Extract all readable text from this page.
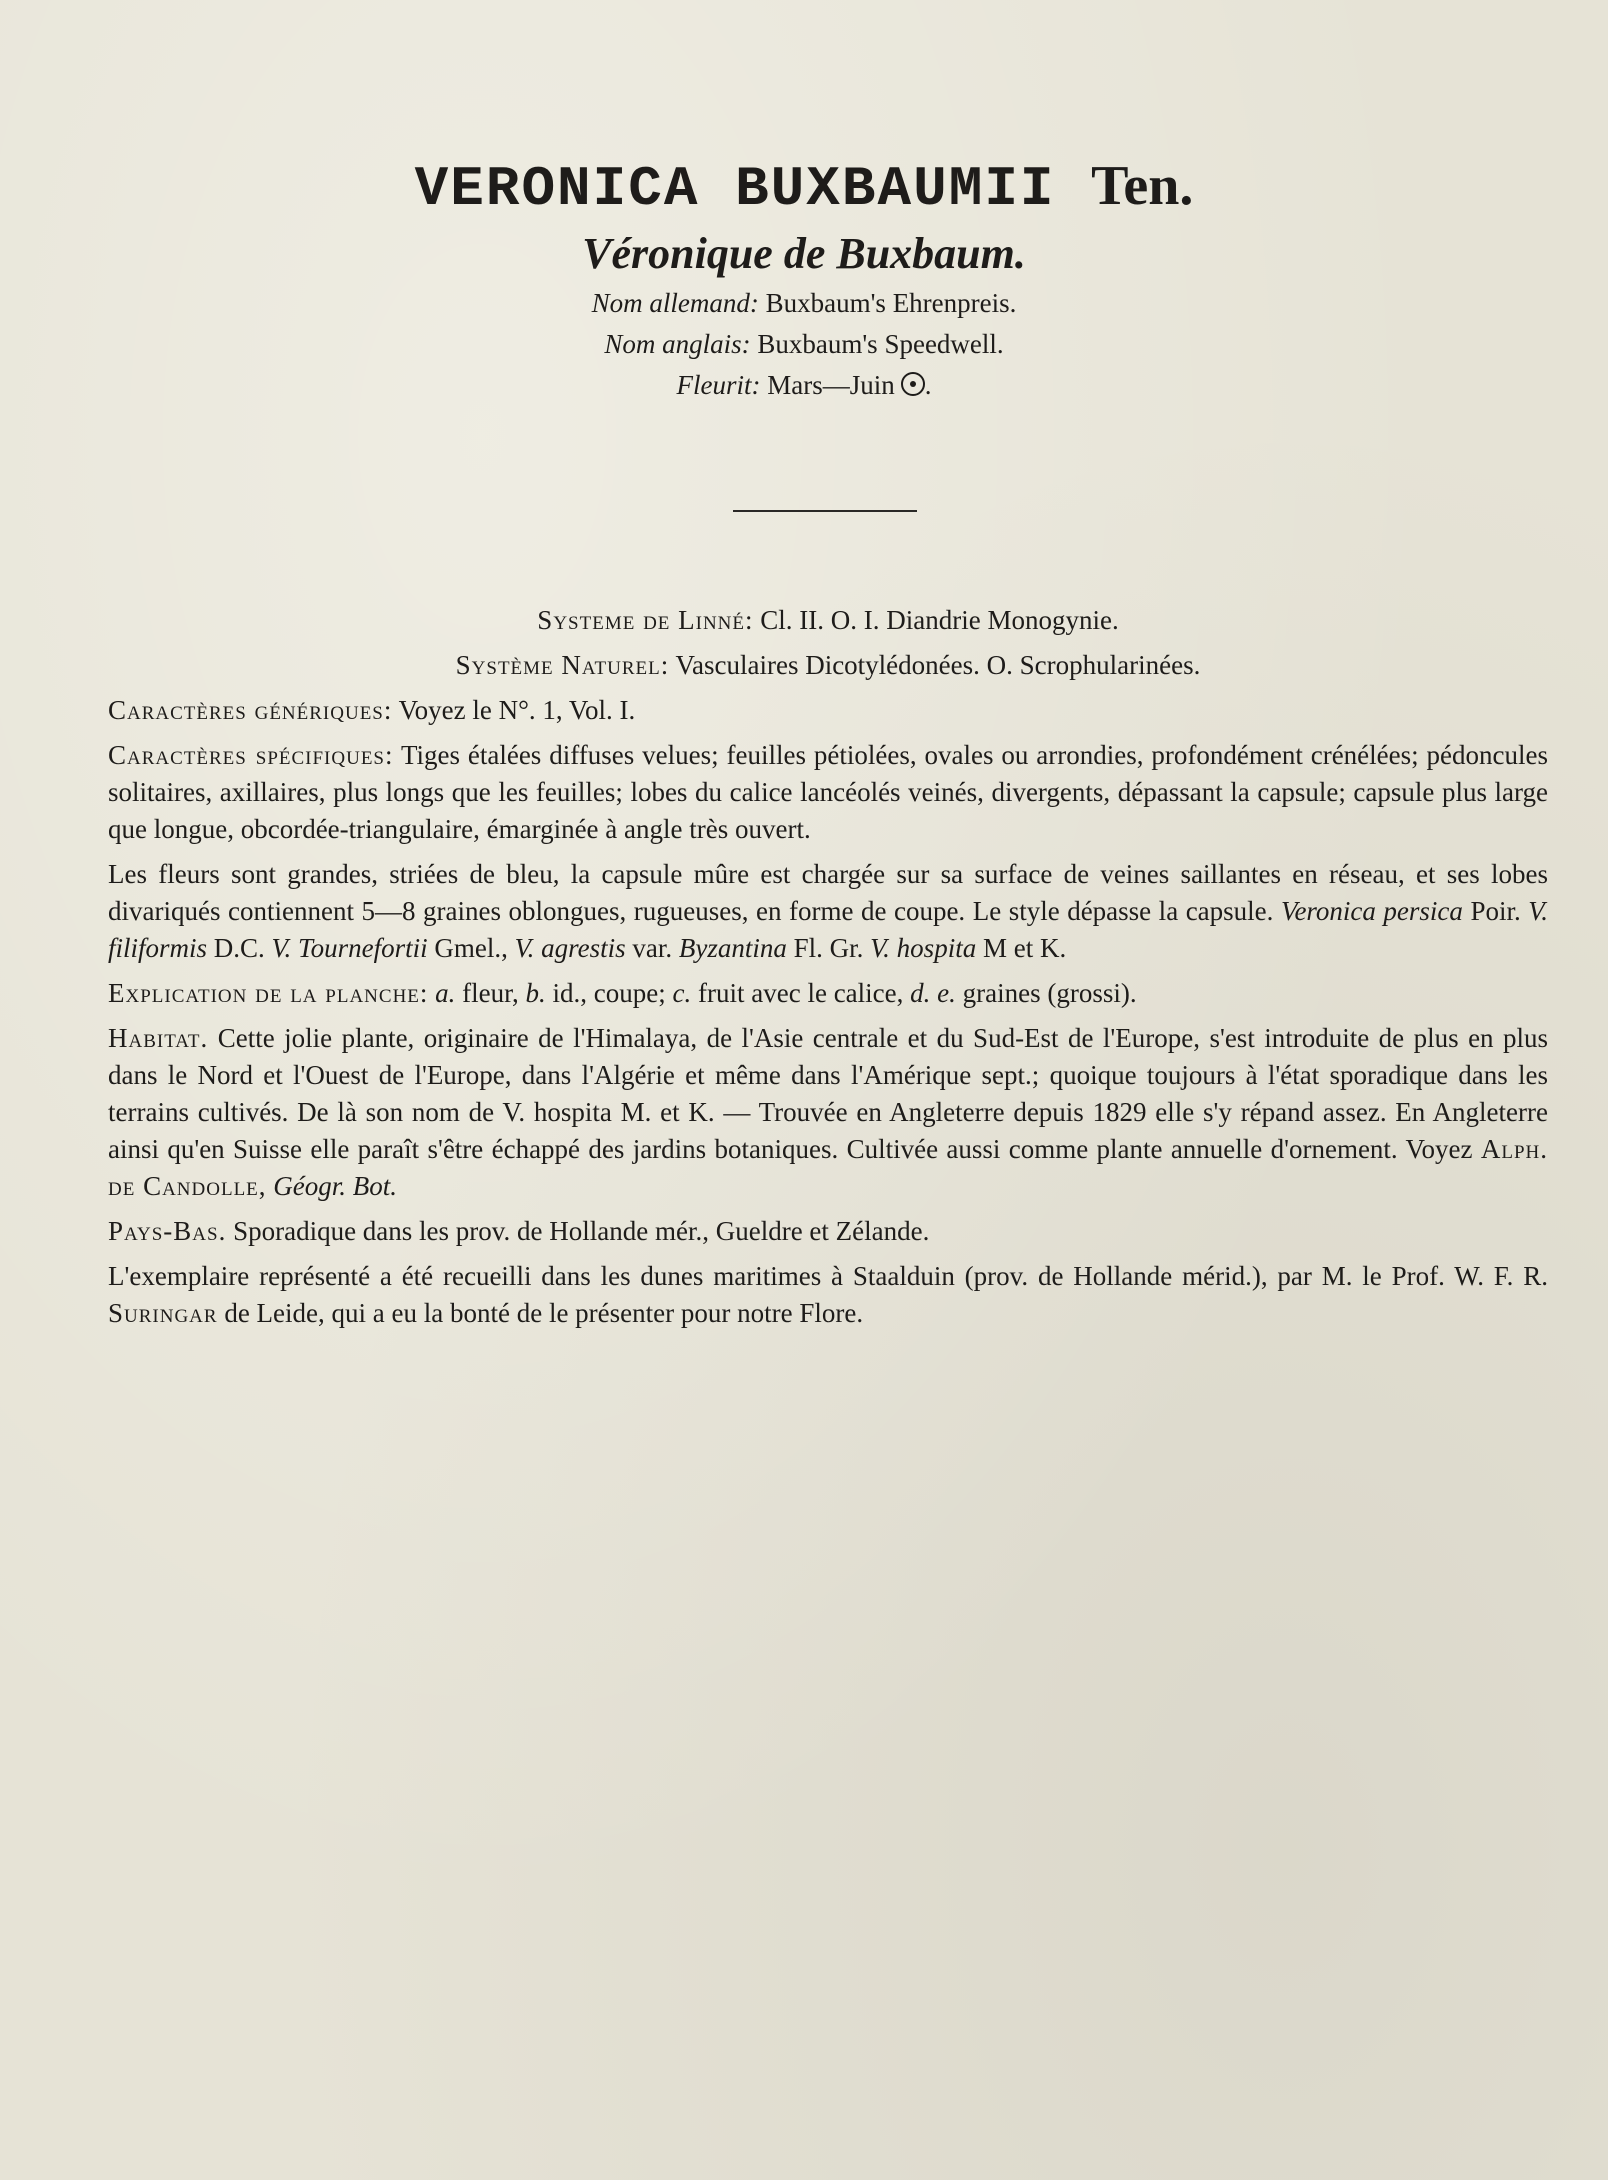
VERONICA BUXBAUMII Ten.

Véronique de Buxbaum.

Nom allemand: Buxbaum's Ehrenpreis.

Nom anglais: Buxbaum's Speedwell.

Fleurit: Mars—Juin .

Systeme de Linné: Cl. II. O. I. Diandrie Monogynie.

Système Naturel: Vasculaires Dicotylédonées. O. Scrophularinées.

Caractères génériques: Voyez le N°. 1, Vol. I.

Caractères spécifiques: Tiges étalées diffuses velues; feuilles pétiolées, ovales ou arrondies, profondément crénélées; pédoncules solitaires, axillaires, plus longs que les feuilles; lobes du calice lancéolés veinés, divergents, dépassant la capsule; capsule plus large que longue, obcordée-triangulaire, émarginée à angle très ouvert.

Les fleurs sont grandes, striées de bleu, la capsule mûre est chargée sur sa surface de veines saillantes en réseau, et ses lobes divariqués contiennent 5—8 graines oblongues, rugueuses, en forme de coupe. Le style dépasse la capsule. Veronica persica Poir. V. filiformis D.C. V. Tournefortii Gmel., V. agrestis var. Byzantina Fl. Gr. V. hospita M et K.

Explication de la planche: a. fleur, b. id., coupe; c. fruit avec le calice, d. e. graines (grossi).

Habitat. Cette jolie plante, originaire de l'Himalaya, de l'Asie centrale et du Sud-Est de l'Europe, s'est introduite de plus en plus dans le Nord et l'Ouest de l'Europe, dans l'Algérie et même dans l'Amérique sept.; quoique toujours à l'état sporadique dans les terrains cultivés. De là son nom de V. hospita M. et K. — Trouvée en Angleterre depuis 1829 elle s'y répand assez. En Angleterre ainsi qu'en Suisse elle paraît s'être échappé des jardins botaniques. Cultivée aussi comme plante annuelle d'ornement. Voyez Alph. de Candolle, Géogr. Bot.

Pays-Bas. Sporadique dans les prov. de Hollande mér., Gueldre et Zélande.

L'exemplaire représenté a été recueilli dans les dunes maritimes à Staalduin (prov. de Hollande mérid.), par M. le Prof. W. F. R. Suringar de Leide, qui a eu la bonté de le présenter pour notre Flore.
